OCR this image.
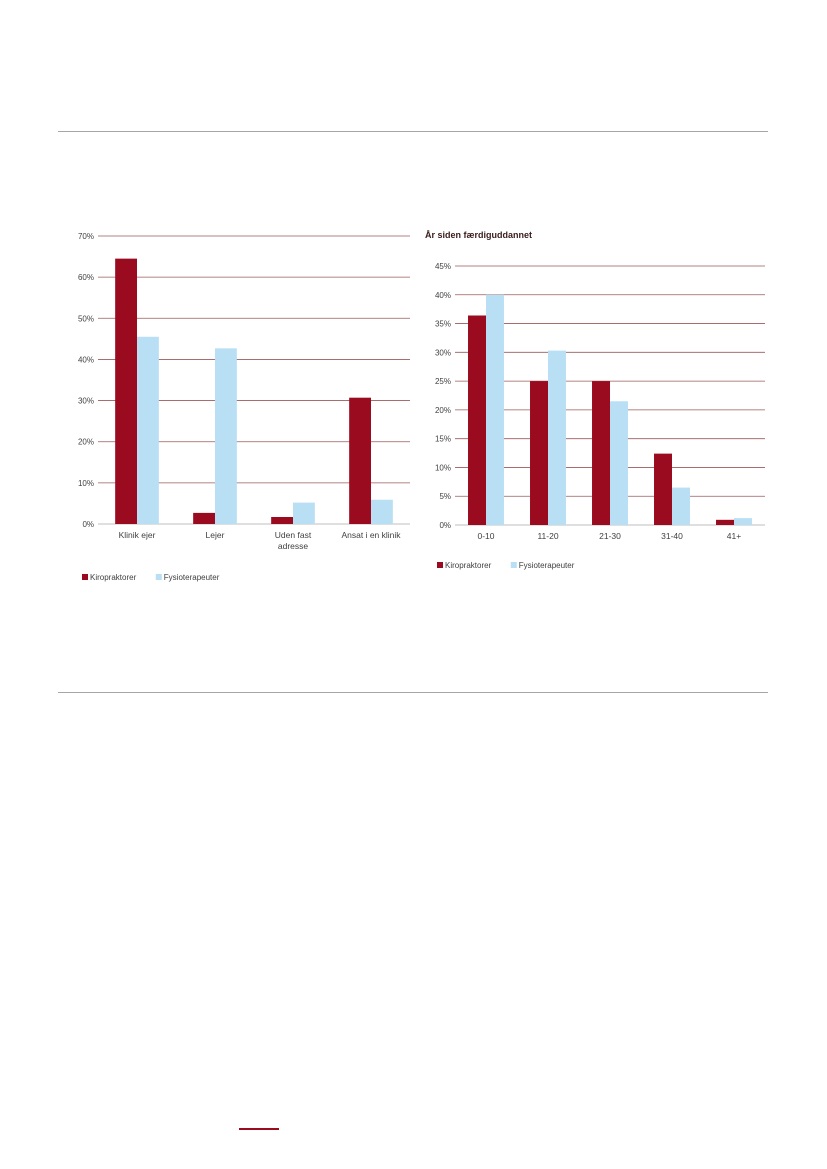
0%
10%
20%
30%
40%
50%
60%
70%
Klinik ejer	Lejer	Uden fast adresse
Ansat i en klinik
Kiropraktorer	Fysioterapeuter
År siden færdiguddannet
0%
5%
10%
15%
20%
25%
30%
35%
40%
45%
0-10	11-20	21-30	31-40	41+
Kiropraktorer	Fysioterapeuter
